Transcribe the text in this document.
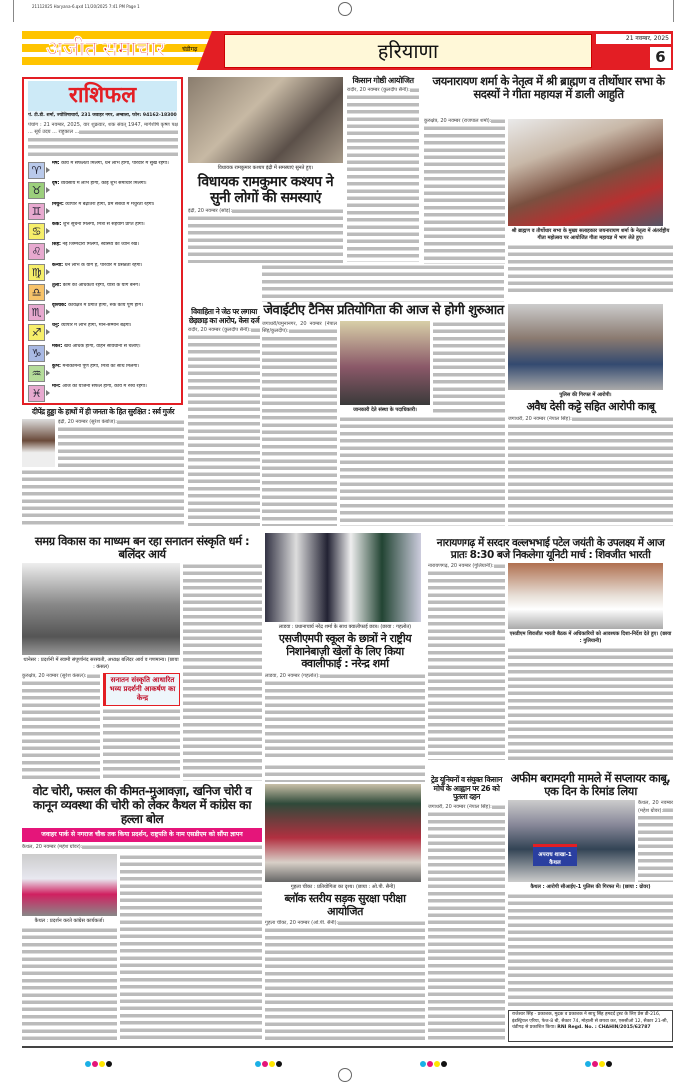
21112025 Haryana-6.qxd 11/20/2025 7:41 PM Page 1
अजीत समाचार	चंडीगढ़	हरियाणा
21 नवम्बर, 2025
6
राशिफल
पं. टी.डी. शर्मा, ज्योतिषाचार्य, 231 जवाहर नगर, अम्बाला, फोन: 94162-18300
पंचांग : 21 नवम्बर, 2025, वार शुक्रवार, शक संवत् 1947, मार्गशीर्ष कृष्ण पक्ष ... सूर्य उदय ... राहुकाल ...
♈
मेष: कार्य में सफलता मिलेगी, धन लाभ होगा, परिवार में सुख रहेगा।
♉
वृष: व्यवसाय में लाभ होगा, कोई शुभ समाचार मिलेगा।
♊
मिथुन: व्यापार में बढ़ोतरी होगी, प्रेम संबंधों में मधुरता रहेगी।
♋
कर्क: शुभ सूचना मिलेगी, मित्रों से सहयोग प्राप्त होगा।
♌
सिंह: नई जिम्मेदारी मिलेगी, स्वास्थ्य का ध्यान रखें।
♍
कन्या: धन लाभ के योग हैं, परिवार में प्रसन्नता रहेगी।
♎
तुला: काम की अधिकता रहेगी, यात्रा के योग बनेंगे।
♏
वृश्चिक: कार्यक्षेत्र में प्रगति होगी, रुके कार्य पूर्ण होंगे।
♐
धनु: व्यापार में लाभ होगा, मान-सम्मान बढ़ेगा।
♑
मकर: खर्च अधिक होगा, वाहन सावधानी से चलाएं।
♒
कुंभ: मनोकामना पूर्ण होगी, मित्रों का साथ मिलेगा।
♓
मीन: आज की योजना सफल होगी, कार्य में रुचि रहेगी।
दीपेंद्र हुड्डा के हाथों में ही जनता के हित सुरक्षित : सर्व गुर्जर
इंद्री, 20 नवम्बर (सुरेश कंबोज):
विधायक रामकुमार कश्यप इंद्री में समस्याएं सुनते हुए।
विधायक रामकुमार कश्यप ने सुनी लोगों की समस्याएं
इंद्री, 20 नवम्बर (सोड़):
किसान गोष्ठी आयोजित
रादौर, 20 नवम्बर (कुलदीप सैनी):
जयनारायण शर्मा के नेतृत्व में श्री ब्राह्मण व तीर्थोधार सभा के सदस्यों ने गीता महायज्ञ में डाली आहुति
कुरुक्षेत्र, 20 नवम्बर (राजपाल शर्मा):
श्री ब्राह्मण व तीर्थोधार सभा के मुख्य सलाहकार जयनारायण शर्मा के नेतृत्व में अंतर्राष्ट्रीय गीता महोत्सव पर आयोजित गीता महायज्ञ में भाग लेते हुए।
विवाहिता ने जेठ पर लगाया छेड़छाड़ का आरोप, केस दर्ज
रादौर, 20 नवम्बर (कुलदीप सैनी):
जेवाईटीए टैनिस प्रतियोगिता की आज से होगी शुरुआत
जगाधरी/यमुनानगर, 20 नवम्बर (नेपाल सिंह/कुलदीप):
जानकारी देते संस्था के पदाधिकारी।
पुलिस की गिरफ्त में आरोपी।
अवैध देसी कट्टे सहित आरोपी काबू
जगाधरी, 20 नवम्बर (नेपाल सिंह):
समग्र विकास का माध्यम बन रहा सनातन संस्कृति धर्म : बलिंदर आर्य
थानेसर : प्रदर्शनी में स्वामी संपूर्णानंद सरस्वती, अध्यक्ष बलिंदर आर्य व गणमान्य। (छाया : कंसल)
कुरुक्षेत्र, 20 नवम्बर (सुरेश कंसल):	सनातन संस्कृति आधारित भव्य प्रदर्शनी आकर्षण का केन्द्र
लाडवा : प्रधानाचार्य नरेंद्र शर्मा के साथ क्वालीफाई छात्र। (छाया : गहलोत)
एसजीएमपी स्कूल के छात्रों ने राष्ट्रीय निशानेबाज़ी खेलों के लिए किया क्वालीफाई : नरेन्द्र शर्मा
लाडवा, 20 नवम्बर (गहलोत):
नारायणगढ़ में सरदार वल्लभभाई पटेल जयंती के उपलक्ष्य में आज प्रातः 8:30 बजे निकलेगा यूनिटी मार्च : शिवजीत भारती
नारायणगढ़, 20 नवम्बर (गुलियानी):
एसडीएम शिवजीत भारती बैठक में अधिकारियों को आवश्यक दिशा-निर्देश देते हुए। (छाया : गुलियानी)
वोट चोरी, फसल की कीमत-मुआवज़ा, खनिज चोरी व कानून व्यवस्था की चोरी को लेकर कैथल में कांग्रेस का हल्ला बोल
जवाहर पार्क से नगराज चौक तक किया प्रदर्शन, राष्ट्रपति के नाम एसडीएम को सौंपा ज्ञापन
कैथल, 20 नवम्बर (महेश ग्रोवर):
कैथल : प्रदर्शन करते कांग्रेस कार्यकर्ता।
गुहला चीका : प्रतियोगिता का दृश्य। (छाया : ओ.पी. सैनी)
ब्लॉक स्तरीय सड़क सुरक्षा परीक्षा आयोजित
गुहला चीका, 20 नवम्बर (ओ.पी. सैनी):
ट्रेड यूनियनों व संयुक्त किसान मोर्चे के आह्वान पर 26 को पुतला दहन
जगाधरी, 20 नवम्बर (नेपाल सिंह):
अफीम बरामदगी मामले में सप्लायर काबू, एक दिन के रिमांड लिया
अपराध शाखा-1 कैथल
कैथल, 20 नवम्बर (महेश ग्रोवर):
कैथल : आरोपी सीआईए-1 पुलिस की गिरफ्त में। (छाया : ग्रोवर)
राजेश्वर सिंह - प्रकाशक, मुद्रक व प्रकाशक ने साधु सिंह हमदर्द ट्रस्ट के लिए प्रेस डी-216, इंडस्ट्रियल एरिया, फेज-8 बी, सैक्टर 74, मोहाली से छपवा कर, एससीओ 12, सैक्टर 21-सी, चंडीगढ़ से प्रकाशित किया। RNI Regd. No. : CHAHIN/2015/62787
